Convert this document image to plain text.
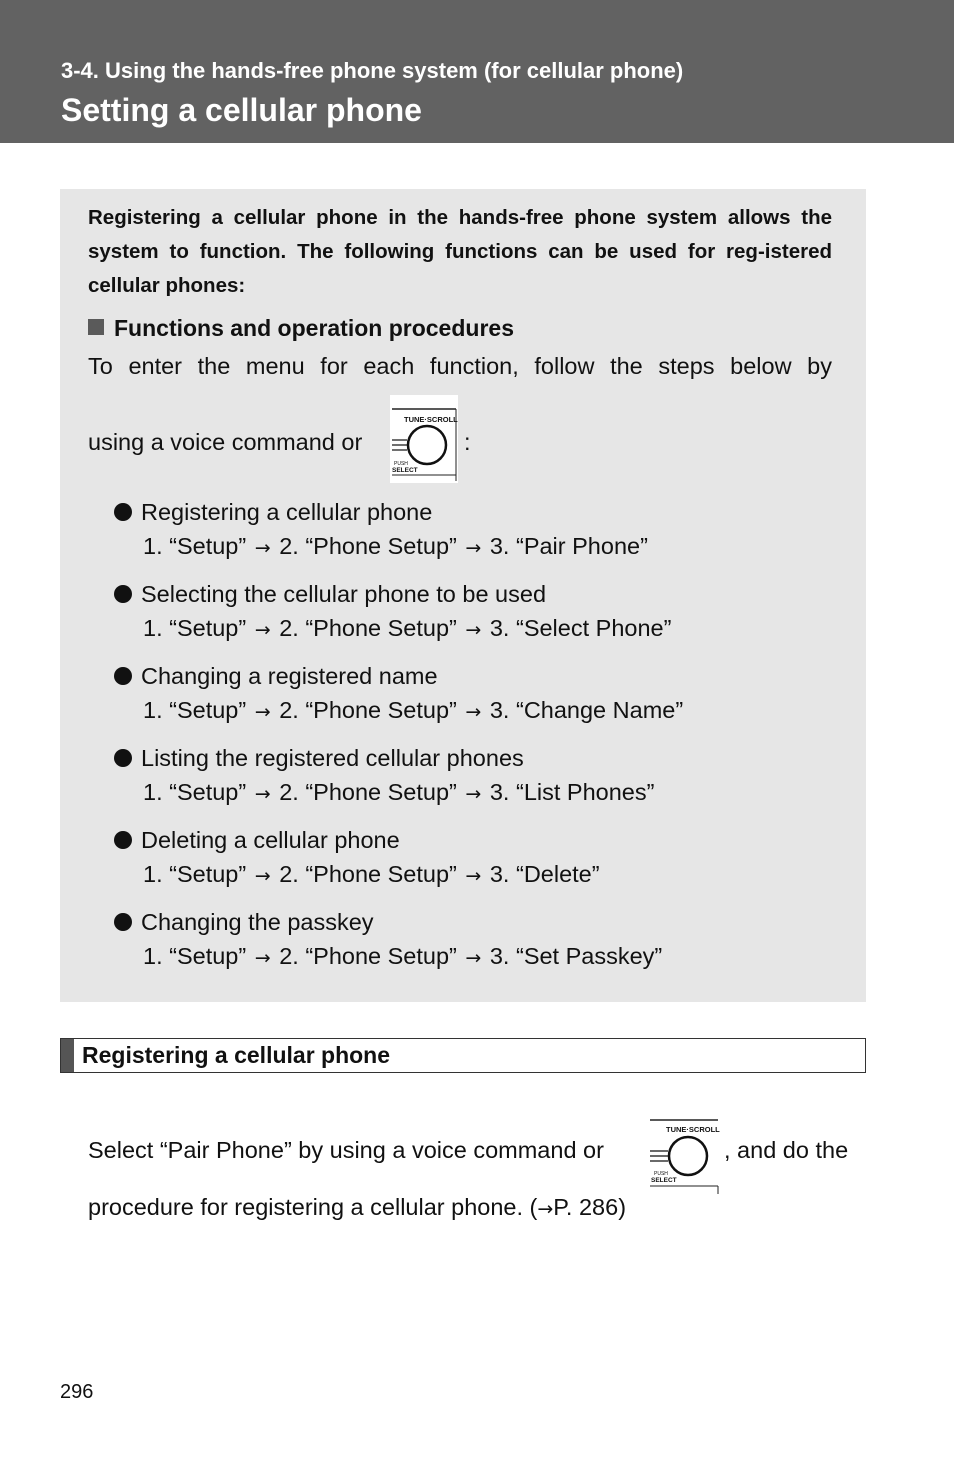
3-4. Using the hands-free phone system (for cellular phone)
Setting a cellular phone

Registering a cellular phone in the hands-free phone system allows the system to function. The following functions can be used for reg-istered cellular phones:

Functions and operation procedures
To enter the menu for each function, follow the steps below by
using a voice command or
TUNE·SCROLL
PUSH
SELECT
:
Registering a cellular phone
1. “Setup” → 2. “Phone Setup” → 3. “Pair Phone”
Selecting the cellular phone to be used
1. “Setup” → 2. “Phone Setup” → 3. “Select Phone”
Changing a registered name
1. “Setup” → 2. “Phone Setup” → 3. “Change Name”
Listing the registered cellular phones
1. “Setup” → 2. “Phone Setup” → 3. “List Phones”
Deleting a cellular phone
1. “Setup” → 2. “Phone Setup” → 3. “Delete”
Changing the passkey
1. “Setup” → 2. “Phone Setup” → 3. “Set Passkey”
Registering a cellular phone
Select “Pair Phone” by using a voice command or
TUNE·SCROLL
PUSH
SELECT
, and do the
procedure for registering a cellular phone. (→P. 286)
296
